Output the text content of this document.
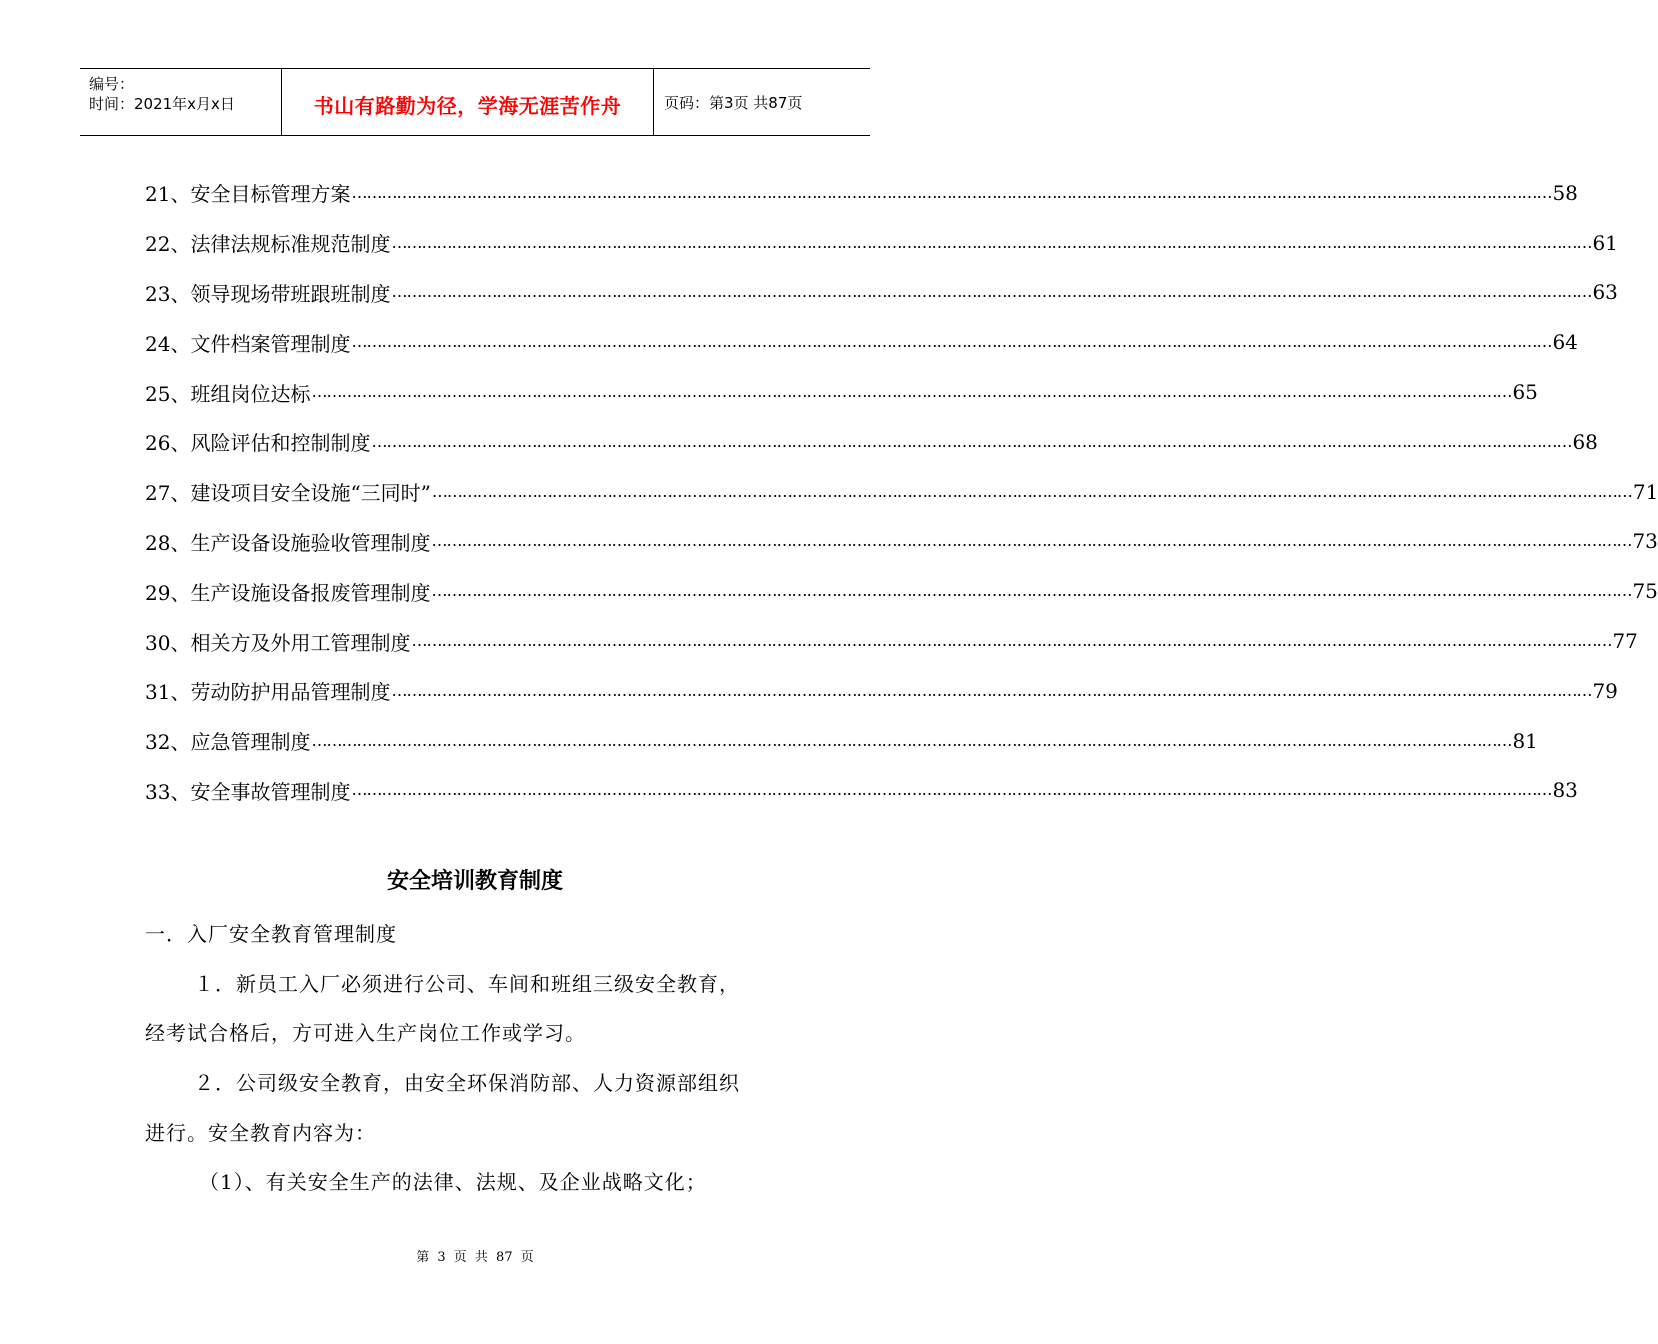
编号：
时间：2021年x月x日	书山有路勤为径，学海无涯苦作舟	页码：第3页 共87页
21、安全目标管理方案 …………………………………………………………………………………………………………………………………………………………………………………………………………………… 58
22、法律法规标准规范制度 …………………………………………………………………………………………………………………………………………………………………………………………………………………… 61
23、领导现场带班跟班制度 …………………………………………………………………………………………………………………………………………………………………………………………………………………… 63
24、文件档案管理制度 …………………………………………………………………………………………………………………………………………………………………………………………………………………… 64
25、班组岗位达标 …………………………………………………………………………………………………………………………………………………………………………………………………………………… 65
26、风险评估和控制制度 …………………………………………………………………………………………………………………………………………………………………………………………………………………… 68
27、建设项目安全设施“三同时” …………………………………………………………………………………………………………………………………………………………………………………………………………………… 71
28、生产设备设施验收管理制度 …………………………………………………………………………………………………………………………………………………………………………………………………………………… 73
29、生产设施设备报废管理制度 …………………………………………………………………………………………………………………………………………………………………………………………………………………… 75
30、相关方及外用工管理制度 …………………………………………………………………………………………………………………………………………………………………………………………………………………… 77
31、劳动防护用品管理制度 …………………………………………………………………………………………………………………………………………………………………………………………………………………… 79
32、应急管理制度 …………………………………………………………………………………………………………………………………………………………………………………………………………………… 81
33、安全事故管理制度 …………………………………………………………………………………………………………………………………………………………………………………………………………………… 83
安全培训教育制度
一．入厂安全教育管理制度
１．新员工入厂必须进行公司、车间和班组三级安全教育，
经考试合格后，方可进入生产岗位工作或学习。
２．公司级安全教育，由安全环保消防部、人力资源部组织
进行。安全教育内容为：
（1）、有关安全生产的法律、法规、及企业战略文化；
第 3 页 共 87 页
